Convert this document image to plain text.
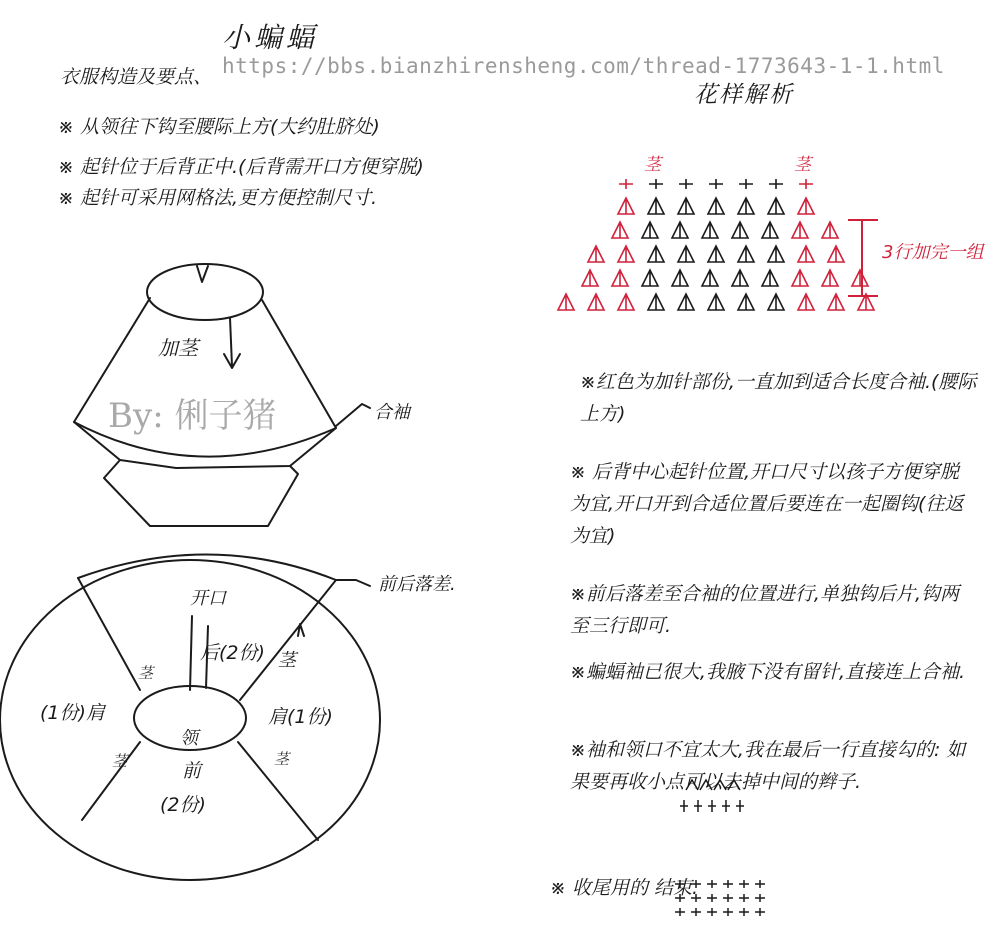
小蝙蝠
https://bbs.bianzhirensheng.com/thread-1773643-1-1.html
衣服构造及要点、
※ 从领往下钩至腰际上方(大约肚脐处)
※ 起针位于后背正中.(后背需开口方便穿脱)
※ 起针可采用网格法,更方便控制尺寸.
By: 俐子猪
加茎
合袖
前后落差.
开口
后(2份)
(1份)肩	肩(1份)
领
前
(2份)
茎
茎
茎	茎
花样解析
茎	茎
3行加完一组
※红色为加针部份,一直加到适合长度合袖.(腰际上方)
※ 后背中心起针位置,开口尺寸以孩子方便穿脱为宜,开口开到合适位置后要连在一起圈钩(往返为宜)
※前后落差至合袖的位置进行,单独钩后片,钩两至三行即可.
※蝙蝠袖已很大,我腋下没有留针,直接连上合袖.
※袖和领口不宜太大,我在最后一行直接勾的: 如果要再收小点可以去掉中间的辫子.
※ 收尾用的 结束.
